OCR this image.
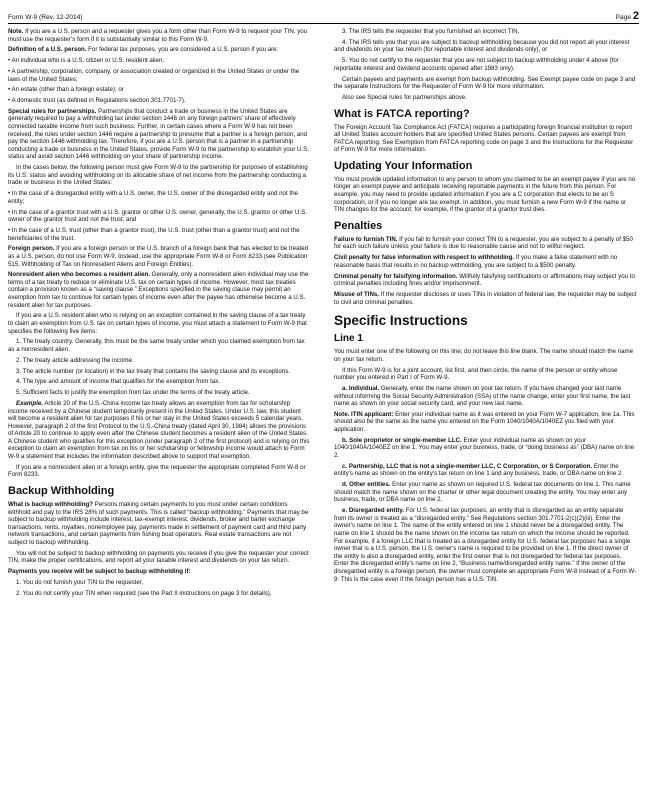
Form W-9 (Rev. 12-2014)	Page 2

Note. If you are a U.S. person and a requester gives you a form other than Form W-9 to request your TIN, you must use the requester’s form if it is substantially similar to this Form W-9.

Definition of a U.S. person. For federal tax purposes, you are considered a U.S. person if you are:

• An individual who is a U.S. citizen or U.S. resident alien;

• A partnership, corporation, company, or association created or organized in the United States or under the laws of the United States;

• An estate (other than a foreign estate); or

• A domestic trust (as defined in Regulations section 301.7701-7).

Special rules for partnerships. Partnerships that conduct a trade or business in the United States are generally required to pay a withholding tax under section 1446 on any foreign partners’ share of effectively connected taxable income from such business. Further, in certain cases where a Form W-9 has not been received, the rules under section 1446 require a partnership to presume that a partner is a foreign person, and pay the section 1446 withholding tax. Therefore, if you are a U.S. person that is a partner in a partnership conducting a trade or business in the United States, provide Form W-9 to the partnership to establish your U.S. status and avoid section 1446 withholding on your share of partnership income.

In the cases below, the following person must give Form W-9 to the partnership for purposes of establishing its U.S. status and avoiding withholding on its allocable share of net income from the partnership conducting a trade or business in the United States:

• In the case of a disregarded entity with a U.S. owner, the U.S. owner of the disregarded entity and not the entity;

• In the case of a grantor trust with a U.S. grantor or other U.S. owner, generally, the U.S. grantor or other U.S. owner of the grantor trust and not the trust; and

• In the case of a U.S. trust (other than a grantor trust), the U.S. trust (other than a grantor trust) and not the beneficiaries of the trust.

Foreign person. If you are a foreign person or the U.S. branch of a foreign bank that has elected to be treated as a U.S. person, do not use Form W-9. Instead, use the appropriate Form W-8 or Form 8233 (see Publication 515, Withholding of Tax on Nonresident Aliens and Foreign Entities).

Nonresident alien who becomes a resident alien. Generally, only a nonresident alien individual may use the terms of a tax treaty to reduce or eliminate U.S. tax on certain types of income. However, most tax treaties contain a provision known as a “saving clause.” Exceptions specified in the saving clause may permit an exemption from tax to continue for certain types of income even after the payee has otherwise become a U.S. resident alien for tax purposes.

If you are a U.S. resident alien who is relying on an exception contained in the saving clause of a tax treaty to claim an exemption from U.S. tax on certain types of income, you must attach a statement to Form W-9 that specifies the following five items:

1. The treaty country. Generally, this must be the same treaty under which you claimed exemption from tax as a nonresident alien.

2. The treaty article addressing the income.

3. The article number (or location) in the tax treaty that contains the saving clause and its exceptions.

4. The type and amount of income that qualifies for the exemption from tax.

5. Sufficient facts to justify the exemption from tax under the terms of the treaty article.

Example. Article 20 of the U.S.-China income tax treaty allows an exemption from tax for scholarship income received by a Chinese student temporarily present in the United States. Under U.S. law, this student will become a resident alien for tax purposes if his or her stay in the United States exceeds 5 calendar years. However, paragraph 2 of the first Protocol to the U.S.-China treaty (dated April 30, 1984) allows the provisions of Article 20 to continue to apply even after the Chinese student becomes a resident alien of the United States. A Chinese student who qualifies for this exception (under paragraph 2 of the first protocol) and is relying on this exception to claim an exemption from tax on his or her scholarship or fellowship income would attach to Form W-9 a statement that includes the information described above to support that exemption.

If you are a nonresident alien or a foreign entity, give the requester the appropriate completed Form W-8 or Form 8233.

Backup Withholding

What is backup withholding? Persons making certain payments to you must under certain conditions withhold and pay to the IRS 28% of such payments. This is called “backup withholding.” Payments that may be subject to backup withholding include interest, tax-exempt interest, dividends, broker and barter exchange transactions, rents, royalties, nonemployee pay, payments made in settlement of payment card and third party network transactions, and certain payments from fishing boat operators. Real estate transactions are not subject to backup withholding.

You will not be subject to backup withholding on payments you receive if you give the requester your correct TIN, make the proper certifications, and report all your taxable interest and dividends on your tax return.

Payments you receive will be subject to backup withholding if:

1. You do not furnish your TIN to the requester,

2. You do not certify your TIN when required (see the Part II instructions on page 3 for details),

3. The IRS tells the requester that you furnished an incorrect TIN,

4. The IRS tells you that you are subject to backup withholding because you did not report all your interest and dividends on your tax return (for reportable interest and dividends only), or

5. You do not certify to the requester that you are not subject to backup withholding under 4 above (for reportable interest and dividend accounts opened after 1983 only).

Certain payees and payments are exempt from backup withholding. See Exempt payee code on page 3 and the separate Instructions for the Requester of Form W-9 for more information.

Also see Special rules for partnerships above.

What is FATCA reporting?

The Foreign Account Tax Compliance Act (FATCA) requires a participating foreign financial institution to report all United States account holders that are specified United States persons. Certain payees are exempt from FATCA reporting. See Exemption from FATCA reporting code on page 3 and the Instructions for the Requester of Form W-9 for more information.

Updating Your Information

You must provide updated information to any person to whom you claimed to be an exempt payee if you are no longer an exempt payee and anticipate receiving reportable payments in the future from this person. For example, you may need to provide updated information if you are a C corporation that elects to be an S corporation, or if you no longer are tax exempt. In addition, you must furnish a new Form W-9 if the name or TIN changes for the account; for example, if the grantor of a grantor trust dies.

Penalties

Failure to furnish TIN. If you fail to furnish your correct TIN to a requester, you are subject to a penalty of $50 for each such failure unless your failure is due to reasonable cause and not to willful neglect.

Civil penalty for false information with respect to withholding. If you make a false statement with no reasonable basis that results in no backup withholding, you are subject to a $500 penalty.

Criminal penalty for falsifying information. Willfully falsifying certifications or affirmations may subject you to criminal penalties including fines and/or imprisonment.

Misuse of TINs. If the requester discloses or uses TINs in violation of federal law, the requester may be subject to civil and criminal penalties.

Specific Instructions
Line 1

You must enter one of the following on this line; do not leave this line blank. The name should match the name on your tax return.

If this Form W-9 is for a joint account, list first, and then circle, the name of the person or entity whose number you entered in Part I of Form W-9.

a. Individual. Generally, enter the name shown on your tax return. If you have changed your last name without informing the Social Security Administration (SSA) of the name change, enter your first name, the last name as shown on your social security card, and your new last name.

Note. ITIN applicant: Enter your individual name as it was entered on your Form W-7 application, line 1a. This should also be the same as the name you entered on the Form 1040/1040A/1040EZ you filed with your application.

b. Sole proprietor or single-member LLC. Enter your individual name as shown on your 1040/1040A/1040EZ on line 1. You may enter your business, trade, or “doing business as” (DBA) name on line 2.

c. Partnership, LLC that is not a single-member LLC, C Corporation, or S Corporation. Enter the entity's name as shown on the entity's tax return on line 1 and any business, trade, or DBA name on line 2.

d. Other entities. Enter your name as shown on required U.S. federal tax documents on line 1. This name should match the name shown on the charter or other legal document creating the entity. You may enter any business, trade, or DBA name on line 2.

e. Disregarded entity. For U.S. federal tax purposes, an entity that is disregarded as an entity separate from its owner is treated as a “disregarded entity.” See Regulations section 301.7701-2(c)(2)(iii). Enter the owner's name on line 1. The name of the entity entered on line 1 should never be a disregarded entity. The name on line 1 should be the name shown on the income tax return on which the income should be reported. For example, if a foreign LLC that is treated as a disregarded entity for U.S. federal tax purposes has a single owner that is a U.S. person, the U.S. owner's name is required to be provided on line 1. If the direct owner of the entity is also a disregarded entity, enter the first owner that is not disregarded for federal tax purposes. Enter the disregarded entity's name on line 2, “Business name/disregarded entity name.” If the owner of the disregarded entity is a foreign person, the owner must complete an appropriate Form W-8 instead of a Form W-9. This is the case even if the foreign person has a U.S. TIN.
